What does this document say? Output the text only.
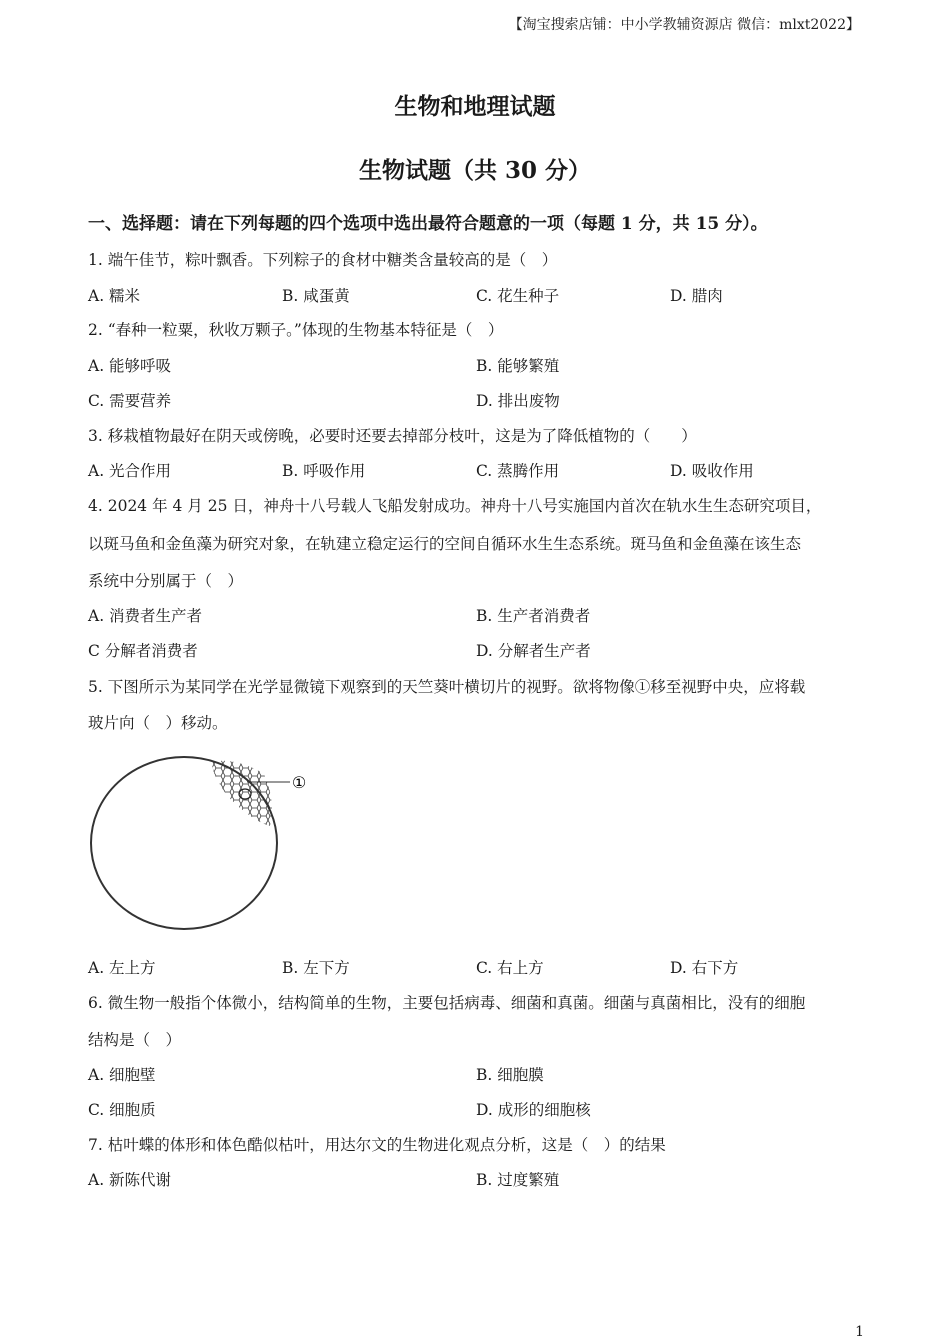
【淘宝搜索店铺：中小学教辅资源店 微信：mlxt2022】
生物和地理试题
生物试题（共 30 分）
一、选择题：请在下列每题的四个选项中选出最符合题意的一项（每题 1 分，共 15 分）。
1. 端午佳节，粽叶飘香。下列粽子的食材中糖类含量较高的是（　）
A. 糯米	B. 咸蛋黄	C. 花生种子	D. 腊肉
2. “春种一粒粟，秋收万颗子。”体现的生物基本特征是（　）
A. 能够呼吸	B. 能够繁殖
C. 需要营养	D. 排出废物
3. 移栽植物最好在阴天或傍晚，必要时还要去掉部分枝叶，这是为了降低植物的（　　）
A. 光合作用	B. 呼吸作用	C. 蒸腾作用	D. 吸收作用
4. 2024 年 4 月 25 日，神舟十八号载人飞船发射成功。神舟十八号实施国内首次在轨水生生态研究项目，
以斑马鱼和金鱼藻为研究对象，在轨建立稳定运行的空间自循环水生生态系统。斑马鱼和金鱼藻在该生态
系统中分别属于（　）
A. 消费者生产者	B. 生产者消费者
C 分解者消费者	D. 分解者生产者
5. 下图所示为某同学在光学显微镜下观察到的天竺葵叶横切片的视野。欲将物像①移至视野中央，应将载
玻片向（　）移动。
①
A. 左上方	B. 左下方	C. 右上方	D. 右下方
6. 微生物一般指个体微小，结构简单的生物，主要包括病毒、细菌和真菌。细菌与真菌相比，没有的细胞
结构是（　）
A. 细胞壁	B. 细胞膜
C. 细胞质	D. 成形的细胞核
7. 枯叶蝶的体形和体色酷似枯叶，用达尔文的生物进化观点分析，这是（　）的结果
A. 新陈代谢	B. 过度繁殖
1
